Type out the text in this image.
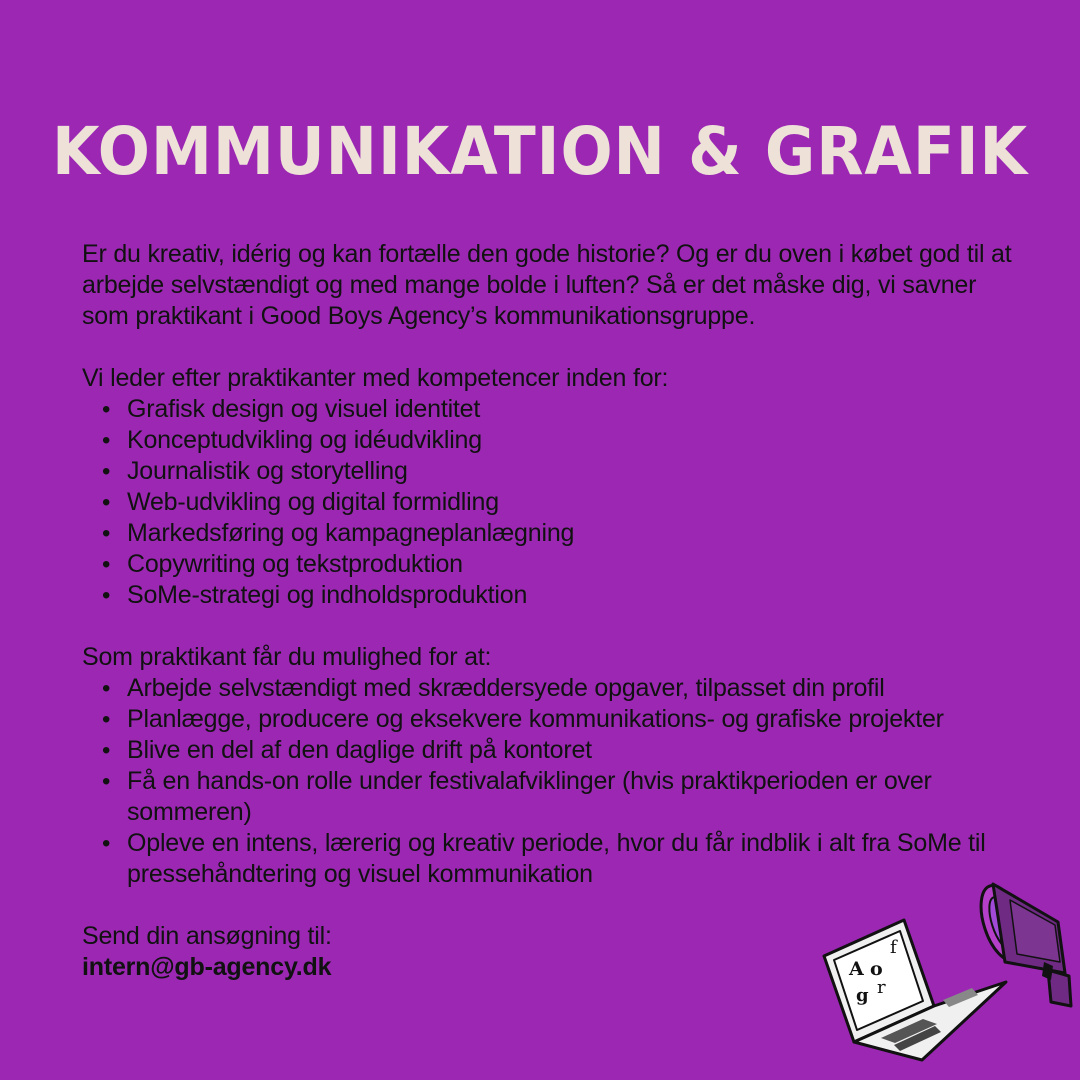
KOMMUNIKATION & GRAFIK

Er du kreativ, idérig og kan fortælle den gode historie? Og er du oven i købet god til at arbejde selvstændigt og med mange bolde i luften? Så er det måske dig, vi savner som praktikant i Good Boys Agency’s kommunikationsgruppe.

Vi leder efter praktikanter med kompetencer inden for:

• Grafisk design og visuel identitet
• Konceptudvikling og idéudvikling
• Journalistik og storytelling
• Web-udvikling og digital formidling
• Markedsføring og kampagneplanlægning
• Copywriting og tekstproduktion
• SoMe-strategi og indholdsproduktion

Som praktikant får du mulighed for at:

• Arbejde selvstændigt med skræddersyede opgaver, tilpasset din profil
• Planlægge, producere og eksekvere kommunikations- og grafiske projekter
• Blive en del af den daglige drift på kontoret
• Få en hands-on rolle under festivalafviklinger (hvis praktikperioden er over sommeren)
• Opleve en intens, lærerig og kreativ periode, hvor du får indblik i alt fra SoMe til pressehåndtering og visuel kommunikation

Send din ansøgning til:

intern@gb-agency.dk	A o
f
g r
